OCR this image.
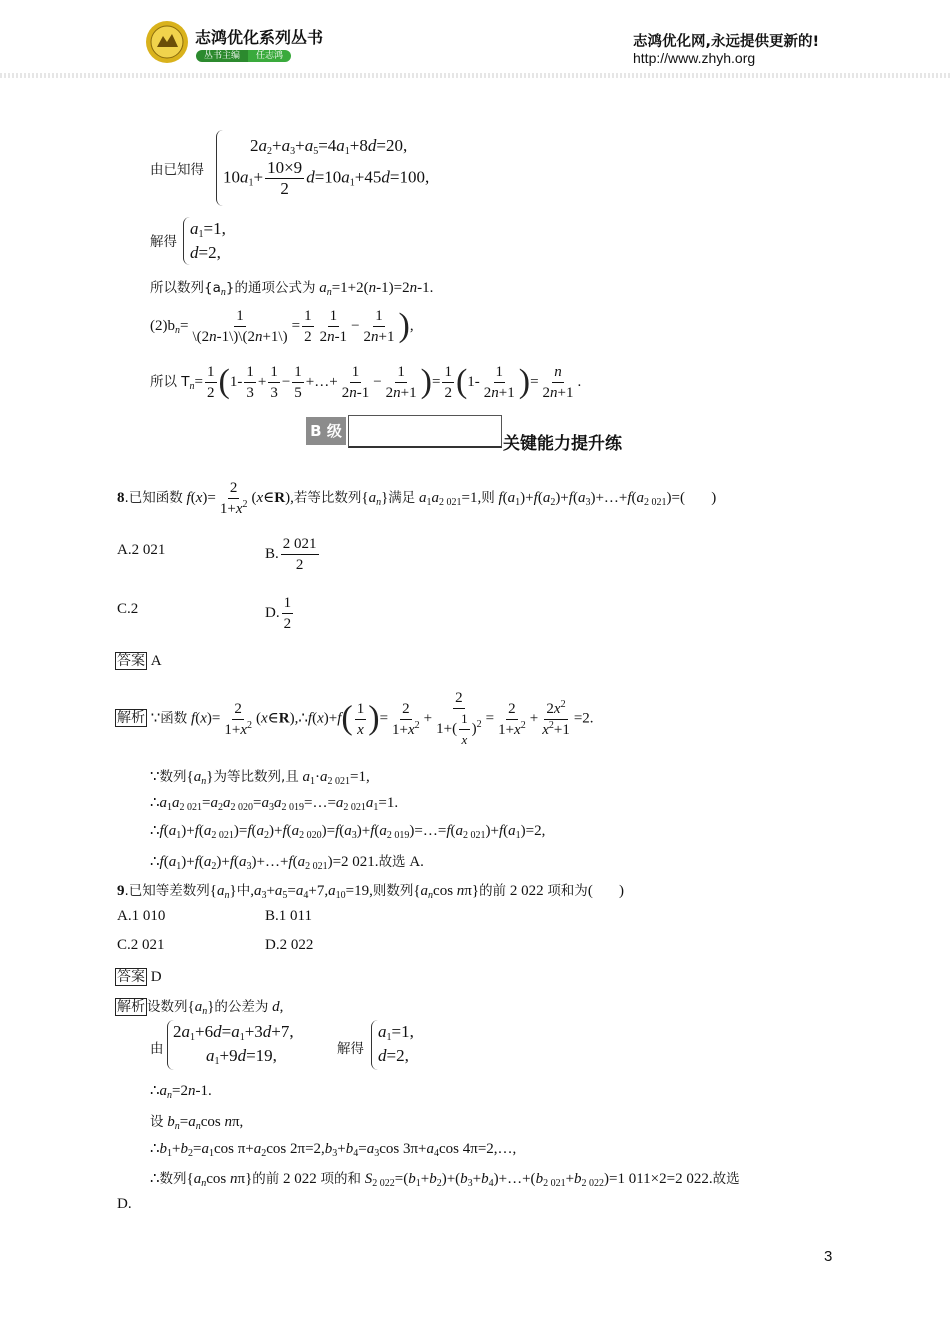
志鸿优化系列丛书
丛书主编 任志鸿
志鸿优化网,永远提供更新的!
http://www.zhyh.org
由已知得
$2a_2+a_3+a_5=4a_1+8d=20$,
$10a_1+ \frac{10\times 9}{2} d=10a_1+45d=100$,
解得
$a_1=1$,
d=2,
所以数列$\{a_n\}$的通项公式为 $a_n=1+2(n-1)=2n-1$.
$(2)b_n= \frac{1}{\backslash(2n-1\backslash)\backslash(2n+1\backslash)} = \frac{1}{2} \frac{1}{2n-1} - \frac{1}{2n+1}$ ),
所以 $T_n= \frac{1}{2} (1- \frac{1}{3} + \frac{1}{3} - \frac{1}{5}$ +…+ $\frac{1}{2n-1} - \frac{1}{2n+1}$ )= $\frac{1}{2} (1- \frac{1}{2n+1}$ )= $\frac{n}{2n+1}$ .
B 级
关键能力提升练
8.已知函数 $f(x)= \frac{2}{1+x^2}$ (x∈R),若等比数列$\{a_n\}$满足 $a_1a_{2 021}=1$,则 $f(a_1)+f(a_2)+f(a_3)+\dots+f(a_{2 021})=$(       )
A.2 021	B. $\frac{2 021}{2}$
C.2	D. $\frac{1}{2}$
答案 A
解析 ∵函数 $f(x)= \frac{2}{1+x^2}$ (x∈R),∴f(x)+f( $\frac{1}{x}$ )= $\frac{2}{1+x^2} + \frac{2}{1+( \frac{1}{x} )^2} = \frac{2}{1+x^2} + \frac{2x^2}{x^2+1} =2$.
∵数列$\{a_n\}$为等比数列,且 $a_1\cdot a_{2 021}=1$,
$\therefore a_1a_{2 021}=a_2a_{2 020}=a_3a_{2 019}=\dots=a_{2 021}a_1=1$.
$\therefore f(a_1)+f(a_{2 021})=f(a_2)+f(a_{2 020})=f(a_3)+f(a_{2 019})=\dots=f(a_{2 021})+f(a_1)=2$,
$\therefore f(a_1)+f(a_2)+f(a_3)+\dots+f(a_{2 021})=2$ 021.故选 A.
9.已知等差数列$\{a_n\}$中$,a_3+a_5=a_4+7,a_{10}=19$,则数列{$a_n\cos$ nπ}的前 2 022 项和为(       )
A.1 010	B.1 011
C.2 021	D.2 022
答案 D
解析 设数列$\{a_n\}$的公差为 d,
由
$2a_1+6d=a_1+3d+7$,
$a_1+9d=19$,	解得
$a_1=1$,
d=2,
$\therefore a_n=2n-1$.
设 $b_n=a_n\cos$ nπ,
$\therefore b_1+b_2=a_1\cos$ $\pi+a_2\cos$ $2\pi=2,b_3+b_4=a_3\cos$ $3\pi+a_4\cos$ 4π=2,…,
∴数列{$a_n\cos$ nπ}的前 2 022 项的和 $S_{2 022}=(b_1+b_2)+(b_3+b_4)+\dots+(b_{2 021}+b_{2 022})=1$ 011×2=2 022.故选
D.
3
